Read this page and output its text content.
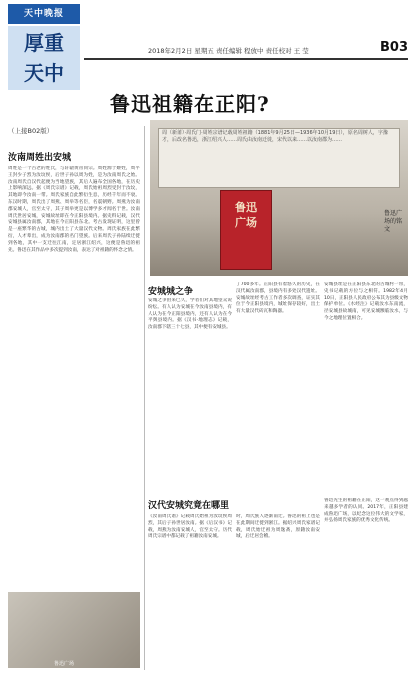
天中晚报
厚重
天中
2018年2月2日 星期五 责任编辑 程放中 责任校对 王 莹	B03
鲁迅祖籍在正阳?
（上接B02版）	周（新莆）·周氏门·周姓宗谱记载周姓祖籍（1881年9月25日—1936年10月19日），原名周树人，字豫才，后改名鲁迅，浙江绍兴人……周氏由汝南迁徙，宋代以来……以汝南郡为……
鲁迅广场
鲁迅广场的铭文
汝南周姓出安城
安城城之争
汉代安城究竟在哪里
周姓是一个古老的姓氏，与轩辕黄帝同宗。周姓源于姬姓，周平王封少子烈为汝坟侯，后世子孙以周为姓，是为汝南周氏之始。汝南周氏自汉代起便为当地望族，其后人遍布全国各地，在历史上影响深远。据《周氏宗谱》记载，周氏始祖周烈受封于汝坟，其地即今汝南一带。周氏家族自此繁衍生息，历经千年而不衰。东汉时期，周氏出了周燕、周举等名臣，名震朝野。周燕为汝南郡安城人，官至太守，其子周举更是以博学多才闻名于世。汝南周氏世居安城，安城故址即在今正阳县境内。据史料记载，汉代安城县属汝南郡，其地在今正阳县东北。考古发现证明，这里曾是一座繁华的古城，城内出土了大量汉代文物。周氏家族在此繁衍，人才辈出，成为汝南郡的名门望族。后来周氏子孙陆续迁徙到各地，其中一支迁往江南，定居浙江绍兴，这便是鲁迅的祖先。鲁迅在其作品中多次提到汝南，表达了对祖籍的怀念之情。
安城之争由来已久，学者们对其地望众说纷纭。有人认为安城在今汝南县境内，有人认为在今正阳县境内，还有人认为在今平舆县境内。据《汉书·地理志》记载，汝南郡下辖三十七县，其中便有安城县。
了700多年。正阳县有着悠久的历史，在汉代属汝南郡，县境内有多处汉代遗址。安城故址经考古工作者多次调查，证实其位于今正阳县境内，城址保存较好，出土有大量汉代砖瓦和陶器。
安城县址是在正阳县东北的古城村一带，史书记载的方位与之相符。1982年4月10日，正阳县人民政府公布其为县级文物保护单位。《水经注》记载汝水东南流，径安城县故城南，可见安城濒临汝水，与今之地理位置相合。
《汝南周氏谱》记载周氏始祖为汝坟侯周烈，其后子孙世居汝南。据《后汉书》记载，周燕为汝南安城人，官至太守。历代周氏宗谱中都记载了祖籍汝南安城。
时，周氏族人逐渐南迁。鲁迅的祖上也是在此期间迁徙到浙江。据绍兴周氏家谱记载，周氏始迁祖为周逸斋，原籍汝南安城，后迁居会稽。
鲁迅先生的祖籍在正阳，这一观点得到越来越多学者的认同。2017年，正阳县建成鲁迅广场，以纪念这位伟大的文学家，并弘扬周氏家族的优秀文化传统。
鲁迅广场
